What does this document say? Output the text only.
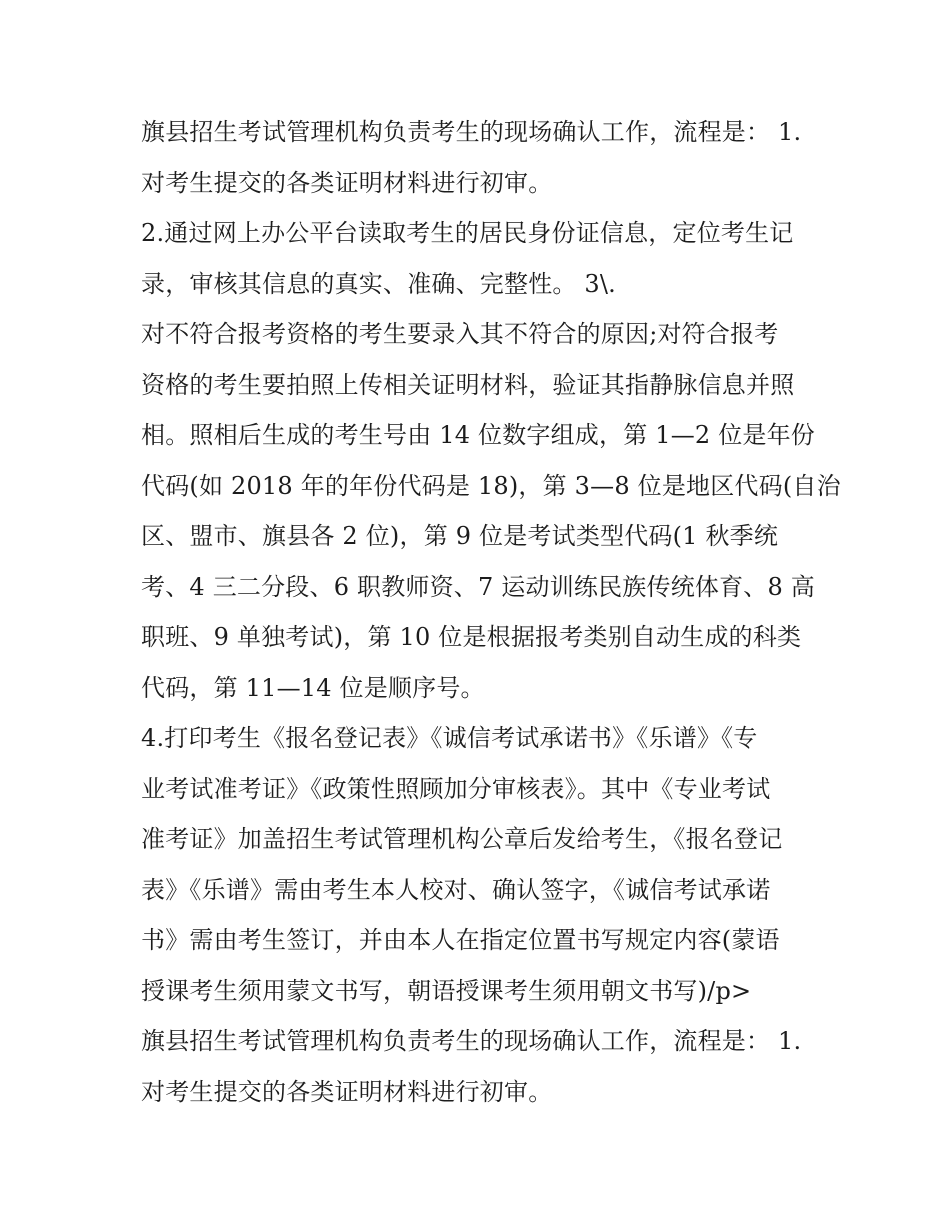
旗县招生考试管理机构负责考生的现场确认工作，流程是： 1.
对考生提交的各类证明材料进行初审。
2.通过网上办公平台读取考生的居民身份证信息，定位考生记
录，审核其信息的真实、准确、完整性。 3\.
对不符合报考资格的考生要录入其不符合的原因;对符合报考
资格的考生要拍照上传相关证明材料，验证其指静脉信息并照
相。照相后生成的考生号由 14 位数字组成，第 1—2 位是年份
代码(如 2018 年的年份代码是 18)，第 3—8 位是地区代码(自治
区、盟市、旗县各 2 位)，第 9 位是考试类型代码(1 秋季统
考、4 三二分段、6 职教师资、7 运动训练民族传统体育、8 高
职班、9 单独考试)，第 10 位是根据报考类别自动生成的科类
代码，第 11—14 位是顺序号。
4.打印考生《报名登记表》《诚信考试承诺书》《乐谱》《专
业考试准考证》《政策性照顾加分审核表》。其中《专业考试
准考证》加盖招生考试管理机构公章后发给考生，《报名登记
表》《乐谱》需由考生本人校对、确认签字，《诚信考试承诺
书》需由考生签订，并由本人在指定位置书写规定内容(蒙语
授课考生须用蒙文书写，朝语授课考生须用朝文书写)/p>
旗县招生考试管理机构负责考生的现场确认工作，流程是： 1.
对考生提交的各类证明材料进行初审。
